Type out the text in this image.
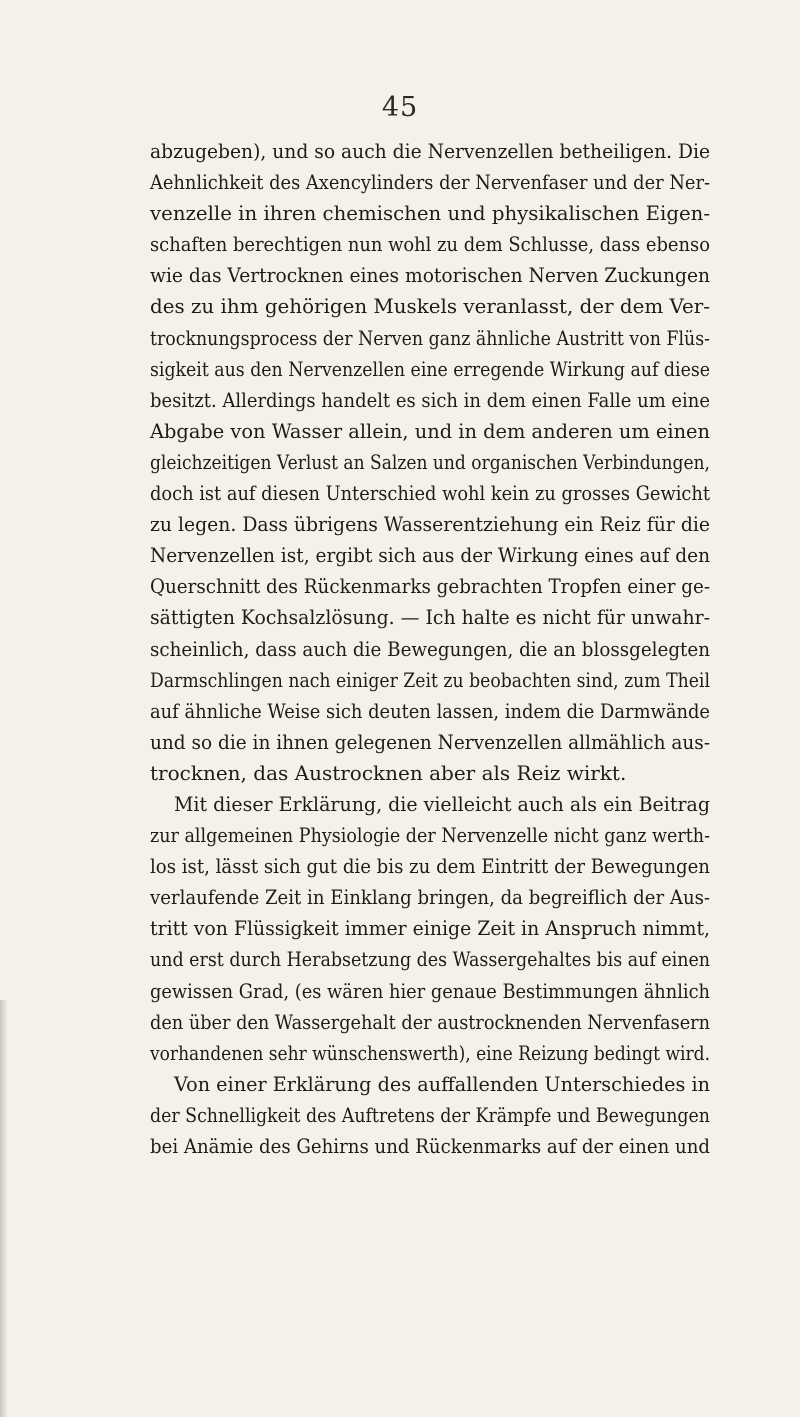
45
abzugeben), und so auch die Nervenzellen betheiligen. Die
Aehnlichkeit des Axencylinders der Nervenfaser und der Ner-
venzelle in ihren chemischen und physikalischen Eigen-
schaften berechtigen nun wohl zu dem Schlusse, dass ebenso
wie das Vertrocknen eines motorischen Nerven Zuckungen
des zu ihm gehörigen Muskels veranlasst, der dem Ver-
trocknungsprocess der Nerven ganz ähnliche Austritt von Flüs-
sigkeit aus den Nervenzellen eine erregende Wirkung auf diese
besitzt. Allerdings handelt es sich in dem einen Falle um eine
Abgabe von Wasser allein, und in dem anderen um einen
gleichzeitigen Verlust an Salzen und organischen Verbindungen,
doch ist auf diesen Unterschied wohl kein zu grosses Gewicht
zu legen. Dass übrigens Wasserentziehung ein Reiz für die
Nervenzellen ist, ergibt sich aus der Wirkung eines auf den
Querschnitt des Rückenmarks gebrachten Tropfen einer ge-
sättigten Kochsalzlösung. — Ich halte es nicht für unwahr-
scheinlich, dass auch die Bewegungen, die an blossgelegten
Darmschlingen nach einiger Zeit zu beobachten sind, zum Theil
auf ähnliche Weise sich deuten lassen, indem die Darmwände
und so die in ihnen gelegenen Nervenzellen allmählich aus-
trocknen, das Austrocknen aber als Reiz wirkt.
Mit dieser Erklärung, die vielleicht auch als ein Beitrag
zur allgemeinen Physiologie der Nervenzelle nicht ganz werth-
los ist, lässt sich gut die bis zu dem Eintritt der Bewegungen
verlaufende Zeit in Einklang bringen, da begreiflich der Aus-
tritt von Flüssigkeit immer einige Zeit in Anspruch nimmt,
und erst durch Herabsetzung des Wassergehaltes bis auf einen
gewissen Grad, (es wären hier genaue Bestimmungen ähnlich
den über den Wassergehalt der austrocknenden Nervenfasern
vorhandenen sehr wünschenswerth), eine Reizung bedingt wird.
Von einer Erklärung des auffallenden Unterschiedes in
der Schnelligkeit des Auftretens der Krämpfe und Bewegungen
bei Anämie des Gehirns und Rückenmarks auf der einen und
